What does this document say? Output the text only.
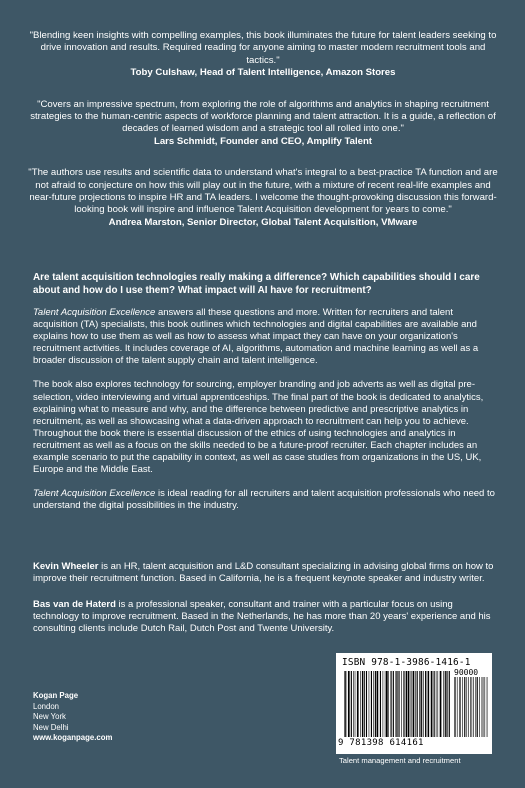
"Blending keen insights with compelling examples, this book illuminates the future for talent leaders seeking to drive innovation and results. Required reading for anyone aiming to master modern recruitment tools and tactics."
Toby Culshaw, Head of Talent Intelligence, Amazon Stores
"Covers an impressive spectrum, from exploring the role of algorithms and analytics in shaping recruitment strategies to the human-centric aspects of workforce planning and talent attraction. It is a guide, a reflection of decades of learned wisdom and a strategic tool all rolled into one."
Lars Schmidt, Founder and CEO, Amplify Talent
"The authors use results and scientific data to understand what's integral to a best-practice TA function and are not afraid to conjecture on how this will play out in the future, with a mixture of recent real-life examples and near-future projections to inspire HR and TA leaders. I welcome the thought-provoking discussion this forward-looking book will inspire and influence Talent Acquisition development for years to come."
Andrea Marston, Senior Director, Global Talent Acquisition, VMware
Are talent acquisition technologies really making a difference? Which capabilities should I care about and how do I use them? What impact will AI have for recruitment?

Talent Acquisition Excellence answers all these questions and more. Written for recruiters and talent acquisition (TA) specialists, this book outlines which technologies and digital capabilities are available and explains how to use them as well as how to assess what impact they can have on your organization's recruitment activities. It includes coverage of AI, algorithms, automation and machine learning as well as a broader discussion of the talent supply chain and talent intelligence.

The book also explores technology for sourcing, employer branding and job adverts as well as digital pre-selection, video interviewing and virtual apprenticeships. The final part of the book is dedicated to analytics, explaining what to measure and why, and the difference between predictive and prescriptive analytics in recruitment, as well as showcasing what a data-driven approach to recruitment can help you to achieve. Throughout the book there is essential discussion of the ethics of using technologies and analytics in recruitment as well as a focus on the skills needed to be a future-proof recruiter. Each chapter includes an example scenario to put the capability in context, as well as case studies from organizations in the US, UK, Europe and the Middle East.

Talent Acquisition Excellence is ideal reading for all recruiters and talent acquisition professionals who need to understand the digital possibilities in the industry.

Kevin Wheeler is an HR, talent acquisition and L&D consultant specializing in advising global firms on how to improve their recruitment function. Based in California, he is a frequent keynote speaker and industry writer.

Bas van de Haterd is a professional speaker, consultant and trainer with a particular focus on using technology to improve recruitment. Based in the Netherlands, he has more than 20 years' experience and his consulting clients include Dutch Rail, Dutch Post and Twente University.

Kogan Page
London
New York
New Delhi
www.koganpage.com
ISBN 978-1-3986-1416-1
90000
9 781398 614161
Talent management and recruitment
